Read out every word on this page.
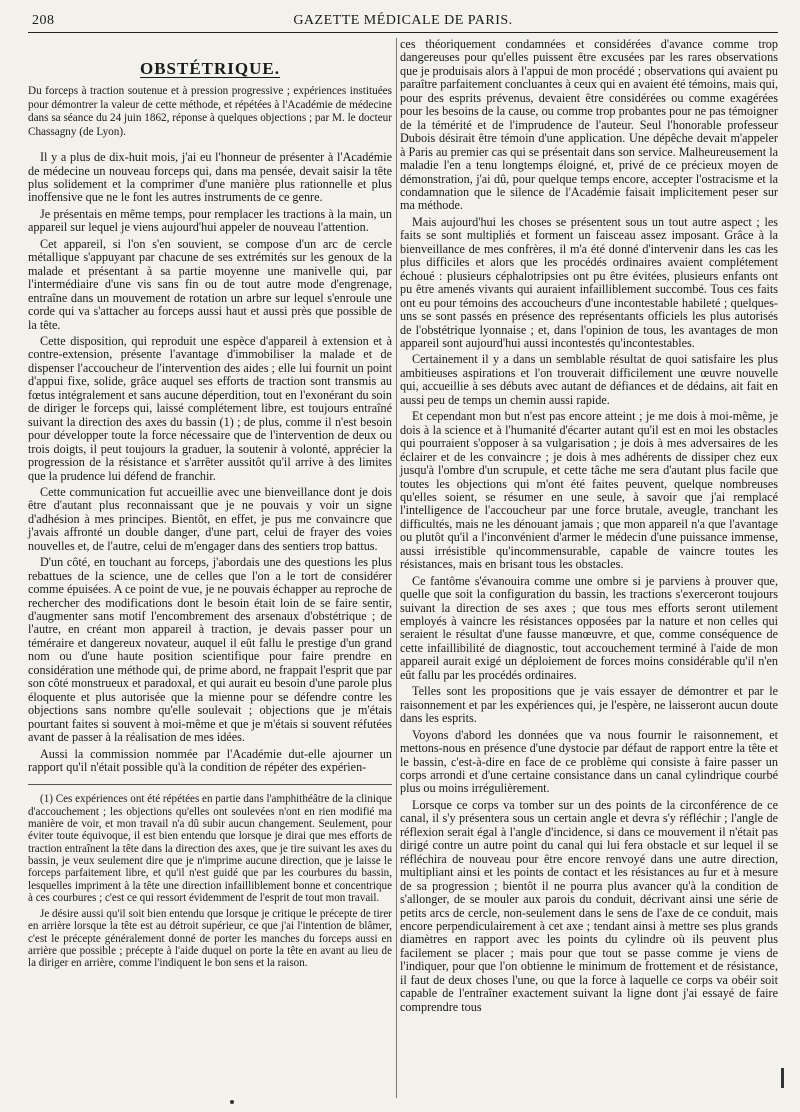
208	GAZETTE MÉDICALE DE PARIS.
OBSTÉTRIQUE.
Du forceps à traction soutenue et à pression progressive ; expériences instituées pour démontrer la valeur de cette méthode, et répétées à l'Académie de médecine dans sa séance du 24 juin 1862, réponse à quelques objections ; par M. le docteur Chassagny (de Lyon).

Il y a plus de dix-huit mois, j'ai eu l'honneur de présenter à l'Académie de médecine un nouveau forceps qui, dans ma pensée, devait saisir la tête plus solidement et la comprimer d'une manière plus rationnelle et plus inoffensive que ne le font les autres instruments de ce genre.

Je présentais en même temps, pour remplacer les tractions à la main, un appareil sur lequel je viens aujourd'hui appeler de nouveau l'attention.

Cet appareil, si l'on s'en souvient, se compose d'un arc de cercle métallique s'appuyant par chacune de ses extrémités sur les genoux de la malade et présentant à sa partie moyenne une manivelle qui, par l'intermédiaire d'une vis sans fin ou de tout autre mode d'engrenage, entraîne dans un mouvement de rotation un arbre sur lequel s'enroule une corde qui va s'attacher au forceps aussi haut et aussi près que possible de la tête.

Cette disposition, qui reproduit une espèce d'appareil à extension et à contre-extension, présente l'avantage d'immobiliser la malade et de dispenser l'accoucheur de l'intervention des aides ; elle lui fournit un point d'appui fixe, solide, grâce auquel ses efforts de traction sont transmis au fœtus intégralement et sans aucune déperdition, tout en l'exonérant du soin de diriger le forceps qui, laissé complétement libre, est toujours entraîné suivant la direction des axes du bassin (1) ; de plus, comme il n'est besoin pour développer toute la force nécessaire que de l'intervention de deux ou trois doigts, il peut toujours la graduer, la soutenir à volonté, apprécier la progression de la résistance et s'arrêter aussitôt qu'il arrive à des limites que la prudence lui défend de franchir.

Cette communication fut accueillie avec une bienveillance dont je dois être d'autant plus reconnaissant que je ne pouvais y voir un signe d'adhésion à mes principes. Bientôt, en effet, je pus me convaincre que j'avais affronté un double danger, d'une part, celui de frayer des voies nouvelles et, de l'autre, celui de m'engager dans des sentiers trop battus.

D'un côté, en touchant au forceps, j'abordais une des questions les plus rebattues de la science, une de celles que l'on a le tort de considérer comme épuisées. A ce point de vue, je ne pouvais échapper au reproche de rechercher des modifications dont le besoin était loin de se faire sentir, d'augmenter sans motif l'encombrement des arsenaux d'obstétrique ; de l'autre, en créant mon appareil à traction, je devais passer pour un téméraire et dangereux novateur, auquel il eût fallu le prestige d'un grand nom ou d'une haute position scientifique pour faire prendre en considération une méthode qui, de prime abord, ne frappait l'esprit que par son côté monstrueux et paradoxal, et qui aurait eu besoin d'une parole plus éloquente et plus autorisée que la mienne pour se défendre contre les objections sans nombre qu'elle soulevait ; objections que je m'étais pourtant faites si souvent à moi-même et que je m'étais si souvent réfutées avant de passer à la réalisation de mes idées.

Aussi la commission nommée par l'Académie dut-elle ajourner un rapport qu'il n'était possible qu'à la condition de répéter des expérien-

(1) Ces expériences ont été répétées en partie dans l'amphithéâtre de la clinique d'accouchement ; les objections qu'elles ont soulevées n'ont en rien modifié ma manière de voir, et mon travail n'a dû subir aucun changement. Seulement, pour éviter toute équivoque, il est bien entendu que lorsque je dirai que mes efforts de traction entraînent la tête dans la direction des axes, que je tire suivant les axes du bassin, je veux seulement dire que je n'imprime aucune direction, que je laisse le forceps parfaitement libre, et qu'il n'est guidé que par les courbures du bassin, lesquelles impriment à la tête une direction infailliblement bonne et concentrique à ces courbures ; c'est ce qui ressort évidemment de l'esprit de tout mon travail.

Je désire aussi qu'il soit bien entendu que lorsque je critique le précepte de tirer en arrière lorsque la tête est au détroit supérieur, ce que j'ai l'intention de blâmer, c'est le précepte généralement donné de porter les manches du forceps aussi en arrière que possible ; précepte à l'aide duquel on porte la tête en avant au lieu de la diriger en arrière, comme l'indiquent le bon sens et la raison.

ces théoriquement condamnées et considérées d'avance comme trop dangereuses pour qu'elles puissent être excusées par les rares observations que je produisais alors à l'appui de mon procédé ; observations qui avaient pu paraître parfaitement concluantes à ceux qui en avaient été témoins, mais qui, pour des esprits prévenus, devaient être considérées ou comme exagérées pour les besoins de la cause, ou comme trop probantes pour ne pas témoigner de la témérité et de l'imprudence de l'auteur. Seul l'honorable professeur Dubois désirait être témoin d'une application. Une dépêche devait m'appeler à Paris au premier cas qui se présentait dans son service. Malheureusement la maladie l'en a tenu longtemps éloigné, et, privé de ce précieux moyen de démonstration, j'ai dû, pour quelque temps encore, accepter l'ostracisme et la condamnation que le silence de l'Académie faisait implicitement peser sur ma méthode.

Mais aujourd'hui les choses se présentent sous un tout autre aspect ; les faits se sont multipliés et forment un faisceau assez imposant. Grâce à la bienveillance de mes confrères, il m'a été donné d'intervenir dans les cas les plus difficiles et alors que les procédés ordinaires avaient complétement échoué : plusieurs céphalotripsies ont pu être évitées, plusieurs enfants ont pu être amenés vivants qui auraient infailliblement succombé. Tous ces faits ont eu pour témoins des accoucheurs d'une incontestable habileté ; quelques-uns se sont passés en présence des représentants officiels les plus autorisés de l'obstétrique lyonnaise ; et, dans l'opinion de tous, les avantages de mon appareil sont aujourd'hui aussi incontestés qu'incontestables.

Certainement il y a dans un semblable résultat de quoi satisfaire les plus ambitieuses aspirations et l'on trouverait difficilement une œuvre nouvelle qui, accueillie à ses débuts avec autant de défiances et de dédains, ait fait en aussi peu de temps un chemin aussi rapide.

Et cependant mon but n'est pas encore atteint ; je me dois à moi-même, je dois à la science et à l'humanité d'écarter autant qu'il est en moi les obstacles qui pourraient s'opposer à sa vulgarisation ; je dois à mes adversaires de les éclairer et de les convaincre ; je dois à mes adhérents de dissiper chez eux jusqu'à l'ombre d'un scrupule, et cette tâche me sera d'autant plus facile que toutes les objections qui m'ont été faites peuvent, quelque nombreuses qu'elles soient, se résumer en une seule, à savoir que j'ai remplacé l'intelligence de l'accoucheur par une force brutale, aveugle, tranchant les difficultés, mais ne les dénouant jamais ; que mon appareil n'a que l'avantage ou plutôt qu'il a l'inconvénient d'armer le médecin d'une puissance immense, aussi irrésistible qu'incommensurable, capable de vaincre toutes les résistances, mais en brisant tous les obstacles.

Ce fantôme s'évanouira comme une ombre si je parviens à prouver que, quelle que soit la configuration du bassin, les tractions s'exerceront toujours suivant la direction de ses axes ; que tous mes efforts seront utilement employés à vaincre les résistances opposées par la nature et non celles qui seraient le résultat d'une fausse manœuvre, et que, comme conséquence de cette infaillibilité de diagnostic, tout accouchement terminé à l'aide de mon appareil aurait exigé un déploiement de forces moins considérable qu'il n'en eût fallu par les procédés ordinaires.

Telles sont les propositions que je vais essayer de démontrer et par le raisonnement et par les expériences qui, je l'espère, ne laisseront aucun doute dans les esprits.

Voyons d'abord les données que va nous fournir le raisonnement, et mettons-nous en présence d'une dystocie par défaut de rapport entre la tête et le bassin, c'est-à-dire en face de ce problème qui consiste à faire passer un corps arrondi et d'une certaine consistance dans un canal cylindrique courbé plus ou moins irrégulièrement.

Lorsque ce corps va tomber sur un des points de la circonférence de ce canal, il s'y présentera sous un certain angle et devra s'y réfléchir ; l'angle de réflexion serait égal à l'angle d'incidence, si dans ce mouvement il n'était pas dirigé contre un autre point du canal qui lui fera obstacle et sur lequel il se réfléchira de nouveau pour être encore renvoyé dans une autre direction, multipliant ainsi et les points de contact et les résistances au fur et à mesure de sa progression ; bientôt il ne pourra plus avancer qu'à la condition de s'allonger, de se mouler aux parois du conduit, décrivant ainsi une série de petits arcs de cercle, non-seulement dans le sens de l'axe de ce conduit, mais encore perpendiculairement à cet axe ; tendant ainsi à mettre ses plus grands diamètres en rapport avec les points du cylindre où ils peuvent plus facilement se placer ; mais pour que tout se passe comme je viens de l'indiquer, pour que l'on obtienne le minimum de frottement et de résistance, il faut de deux choses l'une, ou que la force à laquelle ce corps va obéir soit capable de l'entraîner exactement suivant la ligne dont j'ai essayé de faire comprendre tous
